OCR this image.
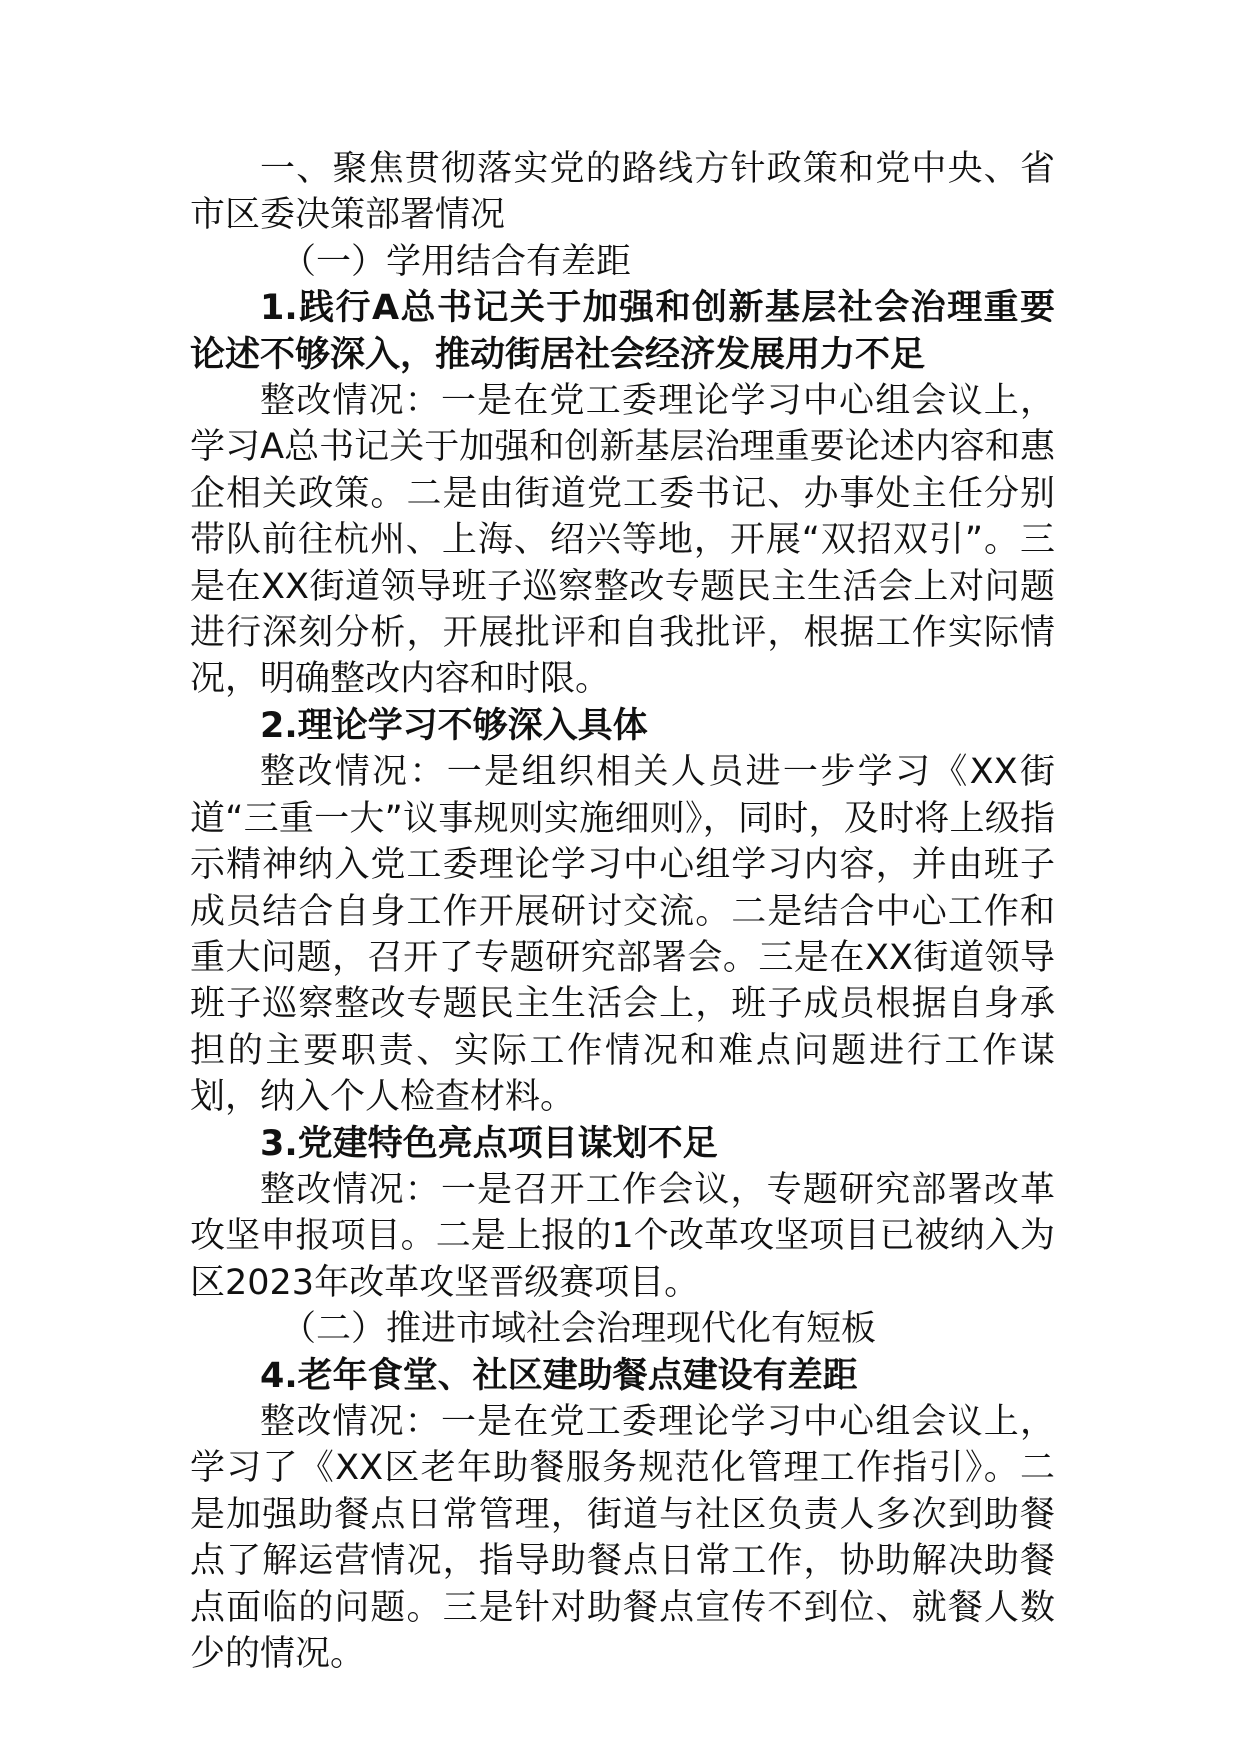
一、聚焦贯彻落实党的路线方针政策和党中央、省市区委决策部署情况

（一）学用结合有差距

1.践行A总书记关于加强和创新基层社会治理重要论述不够深入，推动街居社会经济发展用力不足

整改情况：一是在党工委理论学习中心组会议上，学习A总书记关于加强和创新基层治理重要论述内容和惠企相关政策。二是由街道党工委书记、办事处主任分别带队前往杭州、上海、绍兴等地，开展“双招双引”。三是在XX街道领导班子巡察整改专题民主生活会上对问题进行深刻分析，开展批评和自我批评，根据工作实际情况，明确整改内容和时限。

2.理论学习不够深入具体

整改情况：一是组织相关人员进一步学习《XX街道“三重一大”议事规则实施细则》，同时，及时将上级指示精神纳入党工委理论学习中心组学习内容，并由班子成员结合自身工作开展研讨交流。二是结合中心工作和重大问题，召开了专题研究部署会。三是在XX街道领导班子巡察整改专题民主生活会上，班子成员根据自身承担的主要职责、实际工作情况和难点问题进行工作谋划，纳入个人检查材料。

3.党建特色亮点项目谋划不足

整改情况：一是召开工作会议，专题研究部署改革攻坚申报项目。二是上报的1个改革攻坚项目已被纳入为区2023年改革攻坚晋级赛项目。

（二）推进市域社会治理现代化有短板

4.老年食堂、社区建助餐点建设有差距

整改情况：一是在党工委理论学习中心组会议上，学习了《XX区老年助餐服务规范化管理工作指引》。二是加强助餐点日常管理，街道与社区负责人多次到助餐点了解运营情况，指导助餐点日常工作，协助解决助餐点面临的问题。三是针对助餐点宣传不到位、就餐人数少的情况。
